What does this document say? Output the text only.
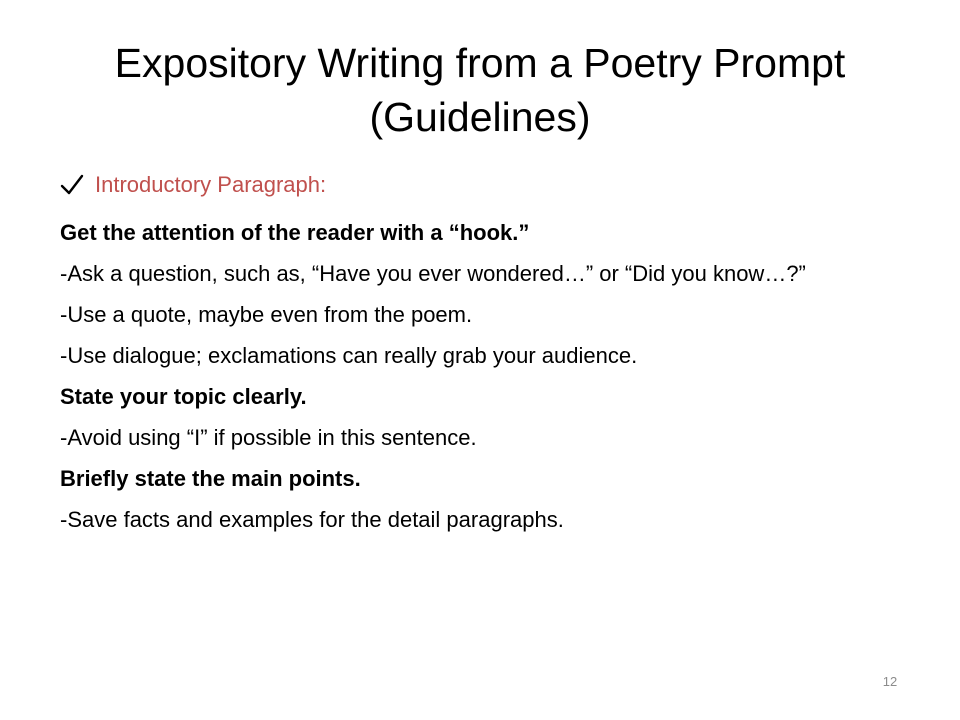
Expository Writing from a Poetry Prompt
(Guidelines)
Introductory Paragraph:
Get the attention of the reader with a “hook.”
-Ask a question, such as, “Have you ever wondered…” or “Did you know…?”
-Use a quote, maybe even from the poem.
-Use dialogue; exclamations can really grab your audience.
State your topic clearly.
-Avoid using “I” if possible in this sentence.
Briefly state the main points.
-Save facts and examples for the detail paragraphs.
12
